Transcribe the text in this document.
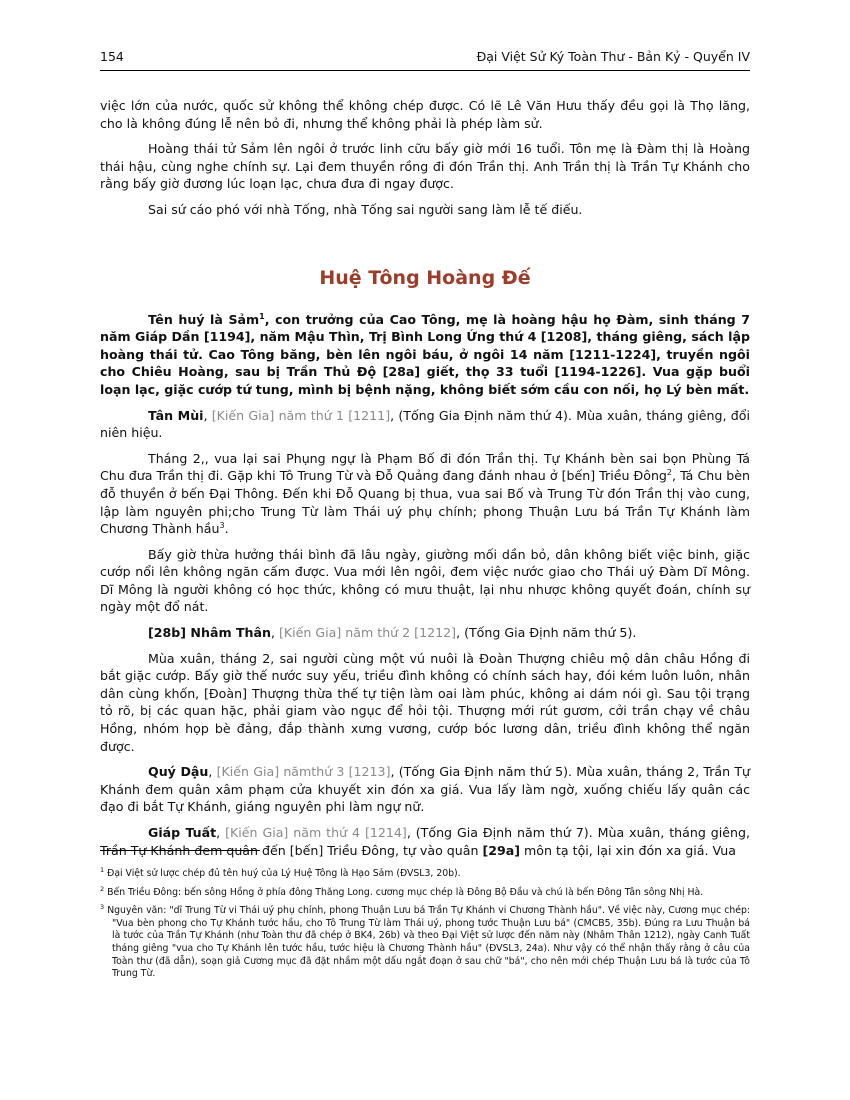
154	Đại Việt Sử Ký Toàn Thư - Bản Kỷ - Quyển IV

việc lớn của nước, quốc sử không thể không chép được. Có lẽ Lê Văn Hưu thấy đều gọi là Thọ lăng, cho là không đúng lễ nên bỏ đi, nhưng thể không phải là phép làm sử.

Hoàng thái tử Sảm lên ngôi ở trước linh cữu bấy giờ mới 16 tuổi. Tôn mẹ là Đàm thị là Hoàng thái hậu, cùng nghe chính sự. Lại đem thuyền rồng đi đón Trần thị. Anh Trần thị là Trần Tự Khánh cho rằng bấy giờ đương lúc loạn lạc, chưa đưa đi ngay được.

Sai sứ cáo phó với nhà Tống, nhà Tống sai người sang làm lễ tế điếu.

Huệ Tông Hoàng Đế

Tên huý là Sảm$^1$, con trưởng của Cao Tông, mẹ là hoàng hậu họ Đàm, sinh tháng 7 năm Giáp Dần [1194], năm Mậu Thìn, Trị Bình Long Ứng thứ 4 [1208], tháng giêng, sách lập hoàng thái tử. Cao Tông băng, bèn lên ngôi báu, ở ngôi 14 năm [1211-1224], truyền ngôi cho Chiêu Hoàng, sau bị Trần Thủ Độ [28a] giết, thọ 33 tuổi [1194-1226]. Vua gặp buổi loạn lạc, giặc cướp tứ tung, mình bị bệnh nặng, không biết sớm cầu con nối, họ Lý bèn mất.

Tân Mùi, [Kiến Gia] năm thứ 1 [1211], (Tống Gia Định năm thứ 4). Mùa xuân, tháng giêng, đổi niên hiệu.

Tháng 2,, vua lại sai Phụng ngự là Phạm Bố đi đón Trần thị. Tự Khánh bèn sai bọn Phùng Tá Chu đưa Trần thị đi. Gặp khi Tô Trung Từ và Đỗ Quảng đang đánh nhau ở [bến] Triều Đông$^2$, Tá Chu bèn đỗ thuyền ở bến Đại Thông. Đến khi Đỗ Quang bị thua, vua sai Bố và Trung Từ đón Trần thị vào cung, lập làm nguyên phi;cho Trung Từ làm Thái uý phụ chính; phong Thuận Lưu bá Trần Tự Khánh làm Chương Thành hầu$^3$.

Bấy giờ thừa hưởng thái bình đã lâu ngày, giường mối dần bỏ, dân không biết việc binh, giặc cướp nổi lên không ngăn cấm được. Vua mới lên ngôi, đem việc nước giao cho Thái uý Đàm Dĩ Mông. Dĩ Mông là người không có học thức, không có mưu thuật, lại nhu nhược không quyết đoán, chính sự ngày một đổ nát.

[28b] Nhâm Thân, [Kiến Gia] năm thứ 2 [1212], (Tống Gia Định năm thứ 5).

Mùa xuân, tháng 2, sai người cùng một vú nuôi là Đoàn Thượng chiêu mộ dân châu Hồng đi bắt giặc cướp. Bấy giờ thế nước suy yếu, triều đình không có chính sách hay, đói kém luôn luôn, nhân dân cùng khốn, [Đoàn] Thượng thừa thế tự tiện làm oai làm phúc, không ai dám nói gì. Sau tội trạng tỏ rõ, bị các quan hặc, phải giam vào ngục để hỏi tội. Thượng mới rút gươm, cởi trần chạy về châu Hồng, nhóm họp bè đảng, đắp thành xưng vương, cướp bóc lương dân, triều đình không thể ngăn được.

Quý Dậu, [Kiến Gia] nămthứ 3 [1213], (Tống Gia Định năm thứ 5). Mùa xuân, tháng 2, Trần Tự Khánh đem quân xâm phạm cửa khuyết xin đón xa giá. Vua lấy làm ngờ, xuống chiếu lấy quân các đạo đi bắt Tự Khánh, giáng nguyên phi làm ngự nữ.

Giáp Tuất, [Kiến Gia] năm thứ 4 [1214], (Tống Gia Định năm thứ 7). Mùa xuân, tháng giêng, Trần Tự Khánh đem quân đến [bến] Triều Đông, tự vào quân [29a] môn tạ tội, lại xin đón xa giá. Vua

$^1$ Đại Việt sử lược chép đủ tên huý của Lý Huệ Tông là Hạo Sảm (ĐVSL3, 20b).
$^2$ Bến Triều Đông: bến sông Hồng ở phía đông Thăng Long. cương mục chép là Đông Bộ Đầu và chú là bến Đông Tân sông Nhị Hà.
$^3$ Nguyên văn: "dĩ Trung Từ vi Thái uý phụ chính, phong Thuận Lưu bá Trần Tự Khánh vi Chương Thành hầu". Về việc này, Cương mục chép: "Vua bèn phong cho Tự Khánh tước hầu, cho Tô Trung Từ làm Thái uý, phong tước Thuận Lưu bá" (CMCB5, 35b). Đúng ra Lưu Thuận bá là tước của Trần Tự Khánh (như Toàn thư đã chép ở BK4, 26b) và theo Đại Việt sử lược đến năm này (Nhâm Thân 1212), ngày Canh Tuất tháng giêng "vua cho Tự Khánh lên tước hầu, tước hiệu là Chương Thành hầu" (ĐVSL3, 24a). Như vậy có thể nhận thấy rằng ở câu của Toàn thư (đã dẫn), soạn giả Cương mục đã đặt nhầm một dấu ngắt đoạn ở sau chữ "bá", cho nên mới chép Thuận Lưu bá là tước của Tô Trung Từ.
